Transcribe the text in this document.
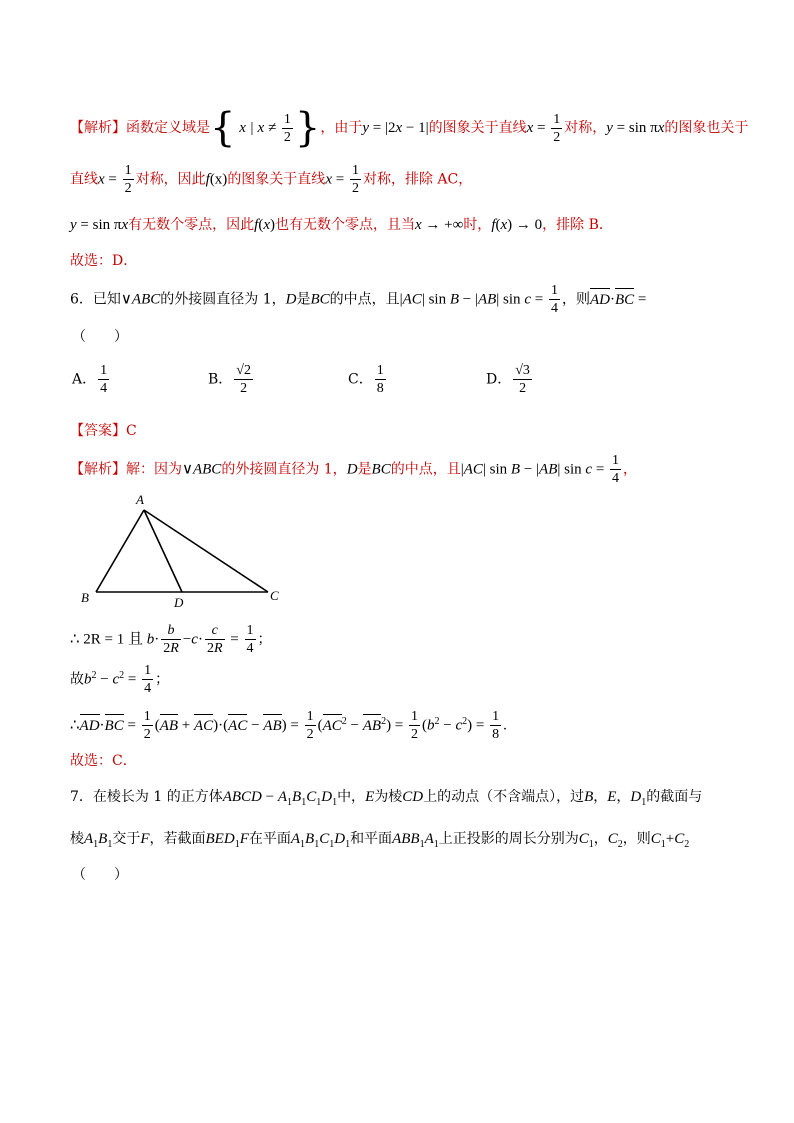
【解析】函数定义域是{ x | $x \ne \frac{1}{2}$ }，由于y = |2x − 1|的图象关于直线$x = \frac{1}{2}$ 对称，y = sin πx的图象也关于
直线$x = \frac{1}{2}$ 对称，因此f(x)的图象关于直线$x = \frac{1}{2}$ 对称，排除 AC，
y = sin πx有无数个零点，因此f(x)也有无数个零点，且当x → +∞时，f(x) → 0，排除 B．
故选：D．
6．已知∨ABC的外接圆直径为 1，D是BC的中点，且|AC| sin B − |AB| $\sin c = \frac{1}{4}$ ，则AD·BC =
（　　）
A． $\frac{1}{4}$	B． $\frac{√2}{2}$	C． $\frac{1}{8}$	D． $\frac{√3}{2}$
【答案】C
【解析】解：因为∨ABC的外接圆直径为 1，D是BC的中点，且|AC| sin B − |AB| $\sin c = \frac{1}{4}$ ，
A
B	C
D
∴ 2R = 1 且 $b\cdot \frac{b}{2R} -c\cdot \frac{c}{2R} = \frac{1}{4}$ ；
故$b^2 - c^2 = \frac{1}{4}$ ；
∴AD·BC = $\frac{1}{2} (AB + AC)\cdot(AC - AB) = \frac{1}{2} (AC^2 - AB^2) = \frac{1}{2} (b^2 - c^2) = \frac{1}{8}$ .
故选：C．
7．在棱长为 1 的正方体ABCD − $A_1B_1C_1D_1$中，E为棱CD上的动点（不含端点），过B，E，$D_1$的截面与
棱$A_1B_1$交于F，若截面$BED_1F$在平面$A_1B_1C_1D_1$和平面$ABB_1A_1$上正投影的周长分别为$C_1$，$C_2$，则$C_1+C_2$
（　　）
